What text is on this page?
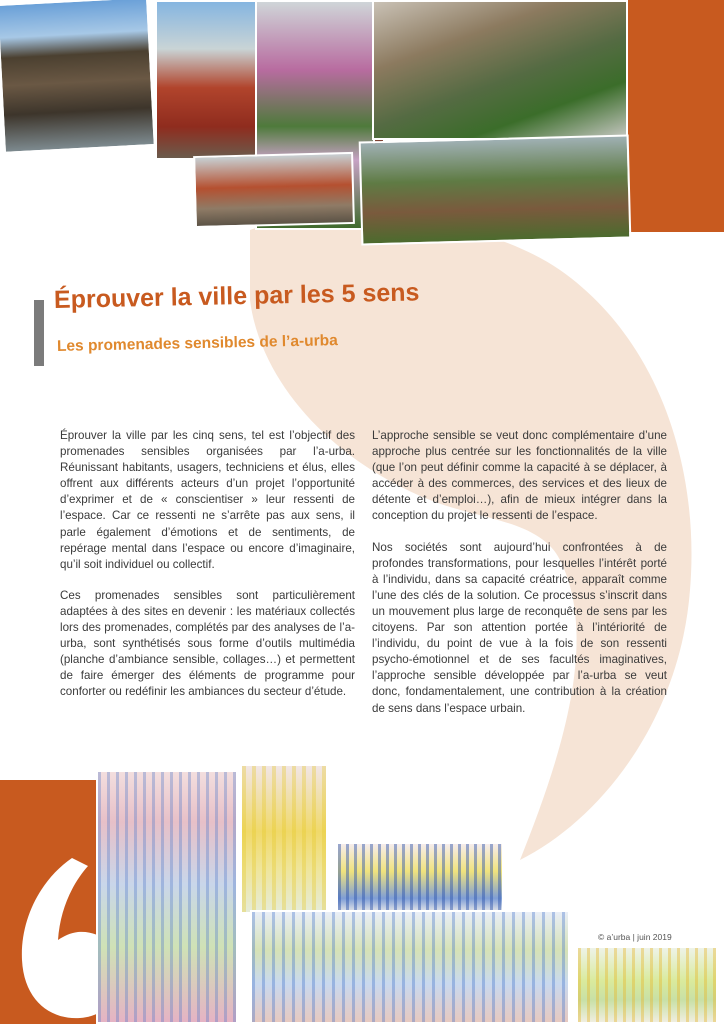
Éprouver la ville par les 5 sens
Les promenades sensibles de l’a-urba

Éprouver la ville par les cinq sens, tel est l’objectif des promenades sensibles organisées par l’a-urba. Réunissant habitants, usagers, techniciens et élus, elles offrent aux différents acteurs d’un projet l’opportunité d’exprimer et de « conscientiser » leur ressenti de l’espace. Car ce ressenti ne s’arrête pas aux sens, il parle également d’émotions et de sentiments, de repérage mental dans l’espace ou encore d’imaginaire, qu’il soit individuel ou collectif.

Ces promenades sensibles sont particulièrement adaptées à des sites en devenir : les matériaux collectés lors des promenades, complétés par des analyses de l’a-urba, sont synthétisés sous forme d’outils multimédia (planche d’ambiance sensible, collages…) et permettent de faire émerger des éléments de programme pour conforter ou redéfinir les ambiances du secteur d’étude.

L’approche sensible se veut donc complémentaire d’une approche plus centrée sur les fonctionnalités de la ville (que l’on peut définir comme la capacité à se déplacer, à accéder à des commerces, des services et des lieux de détente et d’emploi…), afin de mieux intégrer dans la conception du projet le ressenti de l’espace.

Nos sociétés sont aujourd’hui confrontées à de profondes transformations, pour lesquelles l’intérêt porté à l’individu, dans sa capacité créatrice, apparaît comme l’une des clés de la solution. Ce processus s’inscrit dans un mouvement plus large de reconquête de sens par les citoyens. Par son attention portée à l’intériorité de l’individu, du point de vue à la fois de son ressenti psycho-émotionnel et de ses facultés imaginatives, l’approche sensible développée par l’a-urba se veut donc, fondamentalement, une contribution à la création de sens dans l’espace urbain.

© a’urba | juin 2019
